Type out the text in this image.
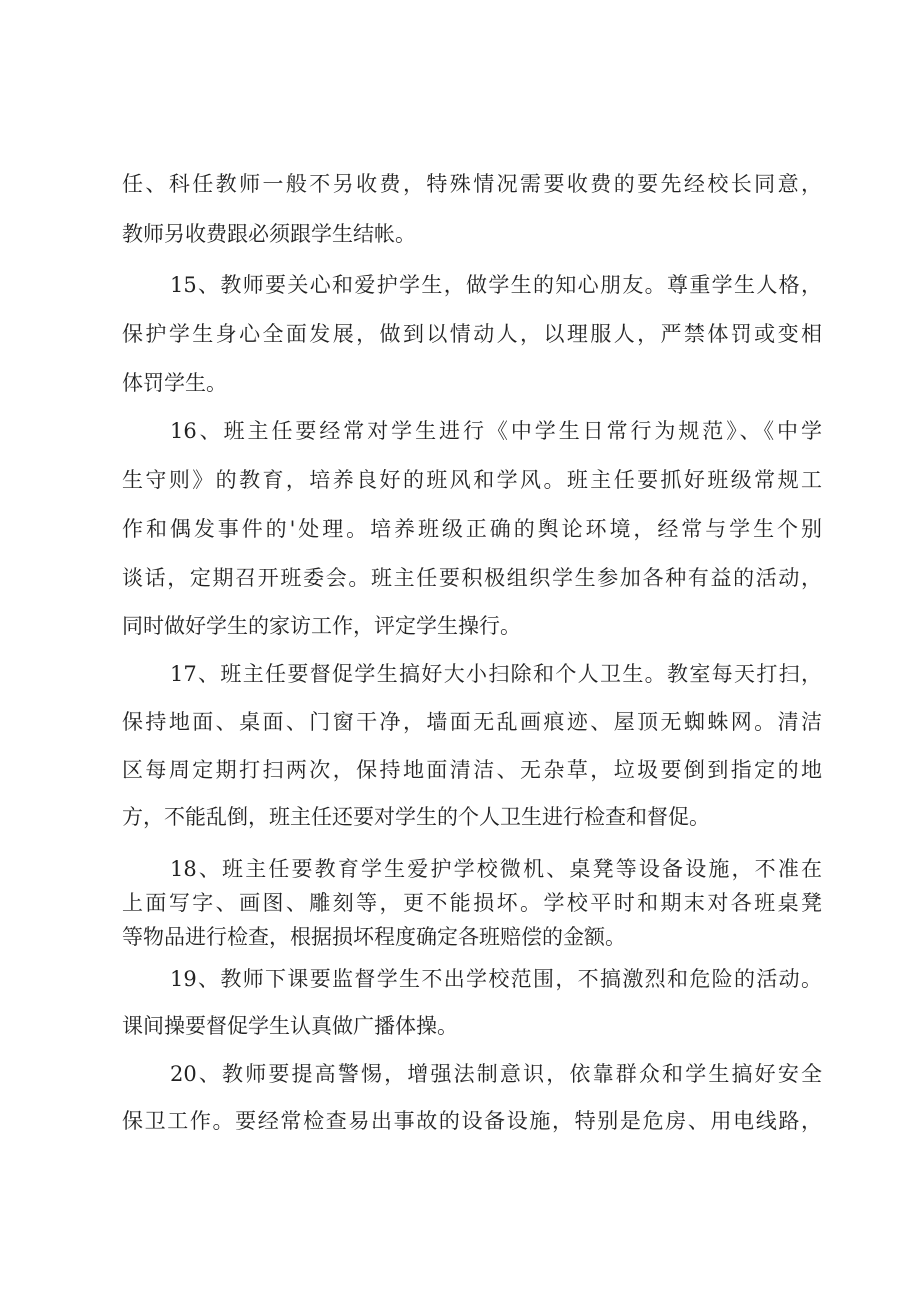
任、科任教师一般不另收费，特殊情况需要收费的要先经校长同意，
教师另收费跟必须跟学生结帐。
15、教师要关心和爱护学生，做学生的知心朋友。尊重学生人格，
保护学生身心全面发展，做到以情动人，以理服人，严禁体罚或变相
体罚学生。
16、班主任要经常对学生进行《中学生日常行为规范》、《中学
生守则》的教育，培养良好的班风和学风。班主任要抓好班级常规工
作和偶发事件的'处理。培养班级正确的舆论环境，经常与学生个别
谈话，定期召开班委会。班主任要积极组织学生参加各种有益的活动，
同时做好学生的家访工作，评定学生操行。
17、班主任要督促学生搞好大小扫除和个人卫生。教室每天打扫，
保持地面、桌面、门窗干净，墙面无乱画痕迹、屋顶无蜘蛛网。清洁
区每周定期打扫两次，保持地面清洁、无杂草，垃圾要倒到指定的地
方，不能乱倒，班主任还要对学生的个人卫生进行检查和督促。
18、班主任要教育学生爱护学校微机、桌凳等设备设施，不准在
上面写字、画图、雕刻等，更不能损坏。学校平时和期末对各班桌凳
等物品进行检查，根据损坏程度确定各班赔偿的金额。
19、教师下课要监督学生不出学校范围，不搞激烈和危险的活动。
课间操要督促学生认真做广播体操。
20、教师要提高警惕，增强法制意识，依靠群众和学生搞好安全
保卫工作。要经常检查易出事故的设备设施，特别是危房、用电线路，
